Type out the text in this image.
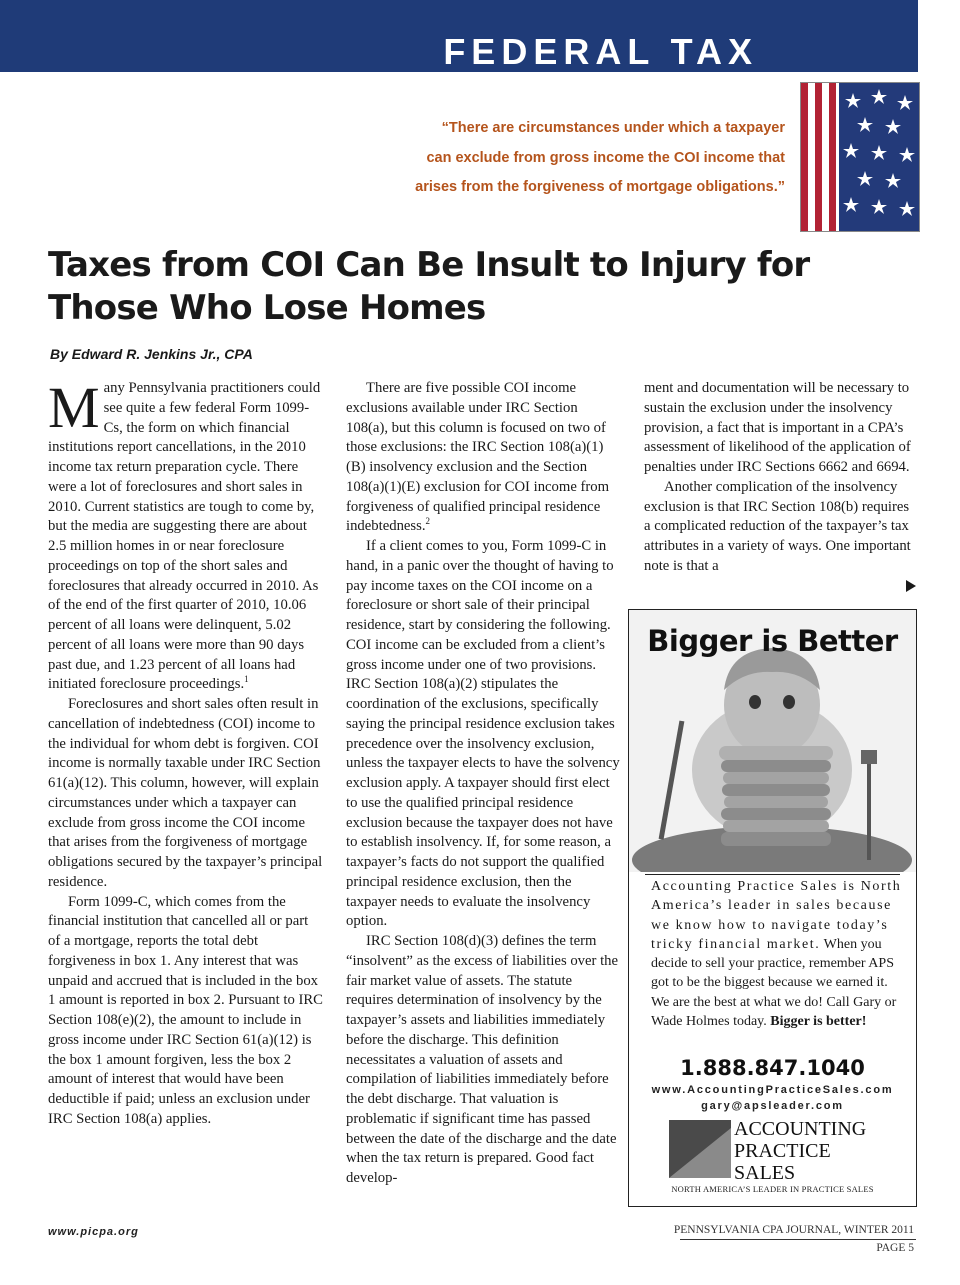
FEDERAL TAX
“There are circumstances under which a taxpayer
can exclude from gross income the COI income that
arises from the forgiveness of mortgage obligations.”
Taxes from COI Can Be Insult to Injury for
Those Who Lose Homes
By Edward R. Jenkins Jr., CPA

Many Pennsylvania practitioners could see quite a few federal Form 1099-Cs, the form on which financial institutions report cancellations, in the 2010 income tax return preparation cycle. There were a lot of foreclosures and short sales in 2010. Current statistics are tough to come by, but the media are suggesting there are about 2.5 million homes in or near foreclosure proceedings on top of the short sales and foreclosures that already occurred in 2010. As of the end of the first quarter of 2010, 10.06 percent of all loans were delinquent, 5.02 percent of all loans were more than 90 days past due, and 1.23 percent of all loans had initiated foreclosure proceedings.$^1$

Foreclosures and short sales often result in cancellation of indebtedness (COI) income to the individual for whom debt is forgiven. COI income is normally taxable under IRC Section 61(a)(12). This column, however, will explain circumstances under which a taxpayer can exclude from gross income the COI income that arises from the forgiveness of mortgage obligations secured by the taxpayer’s principal residence.

Form 1099-C, which comes from the financial institution that cancelled all or part of a mortgage, reports the total debt forgiveness in box 1. Any interest that was unpaid and accrued that is included in the box 1 amount is reported in box 2. Pursuant to IRC Section 108(e)(2), the amount to include in gross income under IRC Section 61(a)(12) is the box 1 amount forgiven, less the box 2 amount of interest that would have been deductible if paid; unless an exclusion under IRC Section 108(a) applies.

There are five possible COI income exclusions available under IRC Section 108(a), but this column is focused on two of those exclusions: the IRC Section 108(a)(1)(B) insolvency exclusion and the Section 108(a)(1)(E) exclusion for COI income from forgiveness of qualified principal residence indebtedness.$^2$

If a client comes to you, Form 1099-C in hand, in a panic over the thought of having to pay income taxes on the COI income on a foreclosure or short sale of their principal residence, start by considering the following. COI income can be excluded from a client’s gross income under one of two provisions. IRC Section 108(a)(2) stipulates the coordination of the exclusions, specifically saying the principal residence exclusion takes precedence over the insolvency exclusion, unless the taxpayer elects to have the solvency exclusion apply. A taxpayer should first elect to use the qualified principal residence exclusion because the taxpayer does not have to establish insolvency. If, for some reason, a taxpayer’s facts do not support the qualified principal residence exclusion, then the taxpayer needs to evaluate the insolvency option.

IRC Section 108(d)(3) defines the term “insolvent” as the excess of liabilities over the fair market value of assets. The statute requires determination of insolvency by the taxpayer’s assets and liabilities immediately before the discharge. This definition necessitates a valuation of assets and compilation of liabilities immediately before the debt discharge. That valuation is problematic if significant time has passed between the date of the discharge and the date when the tax return is prepared. Good fact develop-

ment and documentation will be necessary to sustain the exclusion under the insolvency provision, a fact that is important in a CPA’s assessment of likelihood of the application of penalties under IRC Sections 6662 and 6694.

Another complication of the insolvency exclusion is that IRC Section 108(b) requires a complicated reduction of the taxpayer’s tax attributes in a variety of ways. One important note is that a

Bigger is Better
Accounting Practice Sales is North America’s leader in sales because we know how to navigate today’s tricky financial market. When you decide to sell your practice, remember APS got to be the biggest because we earned it. We are the best at what we do! Call Gary or Wade Holmes today. Bigger is better!
1.888.847.1040
www.AccountingPracticeSales.com
gary@apsleader.com
ACCOUNTING
PRACTICE
SALES
NORTH AMERICA’S LEADER IN PRACTICE SALES
www.picpa.org	PENNSYLVANIA CPA JOURNAL, WINTER 2011
PAGE 5
